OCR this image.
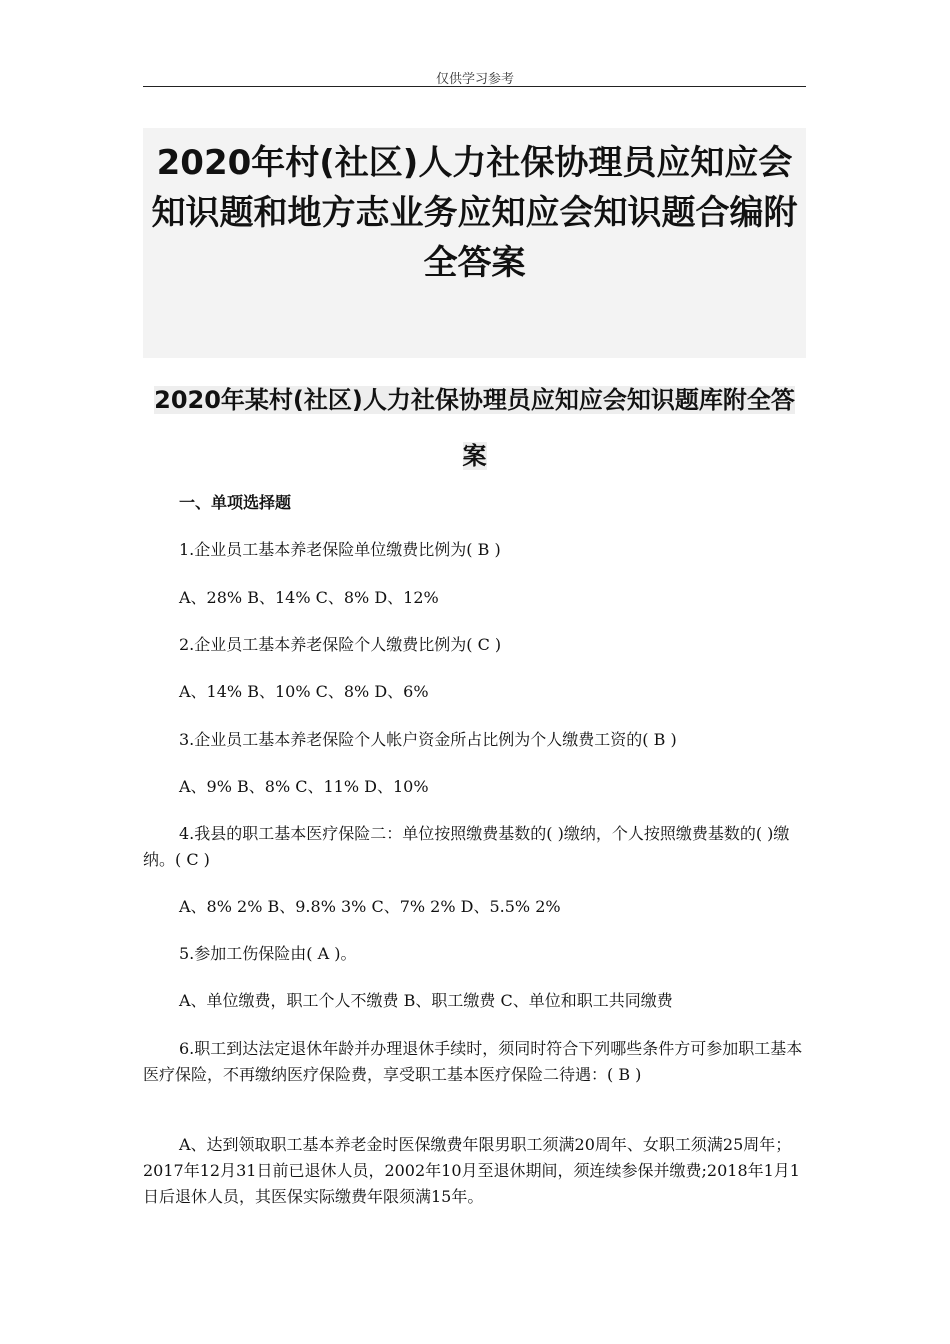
仅供学习参考
2020年村(社区)人力社保协理员应知应会知识题和地方志业务应知应会知识题合编附全答案
2020年某村(社区)人力社保协理员应知应会知识题库附全答案
一、单项选择题
1.企业员工基本养老保险单位缴费比例为( B )
A、28% B、14% C、8% D、12%
2.企业员工基本养老保险个人缴费比例为( C )
A、14% B、10% C、8% D、6%
3.企业员工基本养老保险个人帐户资金所占比例为个人缴费工资的( B )
A、9% B、8% C、11% D、10%
4.我县的职工基本医疗保险二：单位按照缴费基数的( )缴纳，个人按照缴费基数的( )缴纳。( C )
A、8% 2% B、9.8% 3% C、7% 2% D、5.5% 2%
5.参加工伤保险由( A )。
A、单位缴费，职工个人不缴费 B、职工缴费 C、单位和职工共同缴费
6.职工到达法定退休年龄并办理退休手续时，须同时符合下列哪些条件方可参加职工基本医疗保险，不再缴纳医疗保险费，享受职工基本医疗保险二待遇：( B )
A、达到领取职工基本养老金时医保缴费年限男职工须满20周年、女职工须满25周年；2017年12月31日前已退休人员，2002年10月至退休期间，须连续参保并缴费;2018年1月1日后退休人员，其医保实际缴费年限须满15年。
